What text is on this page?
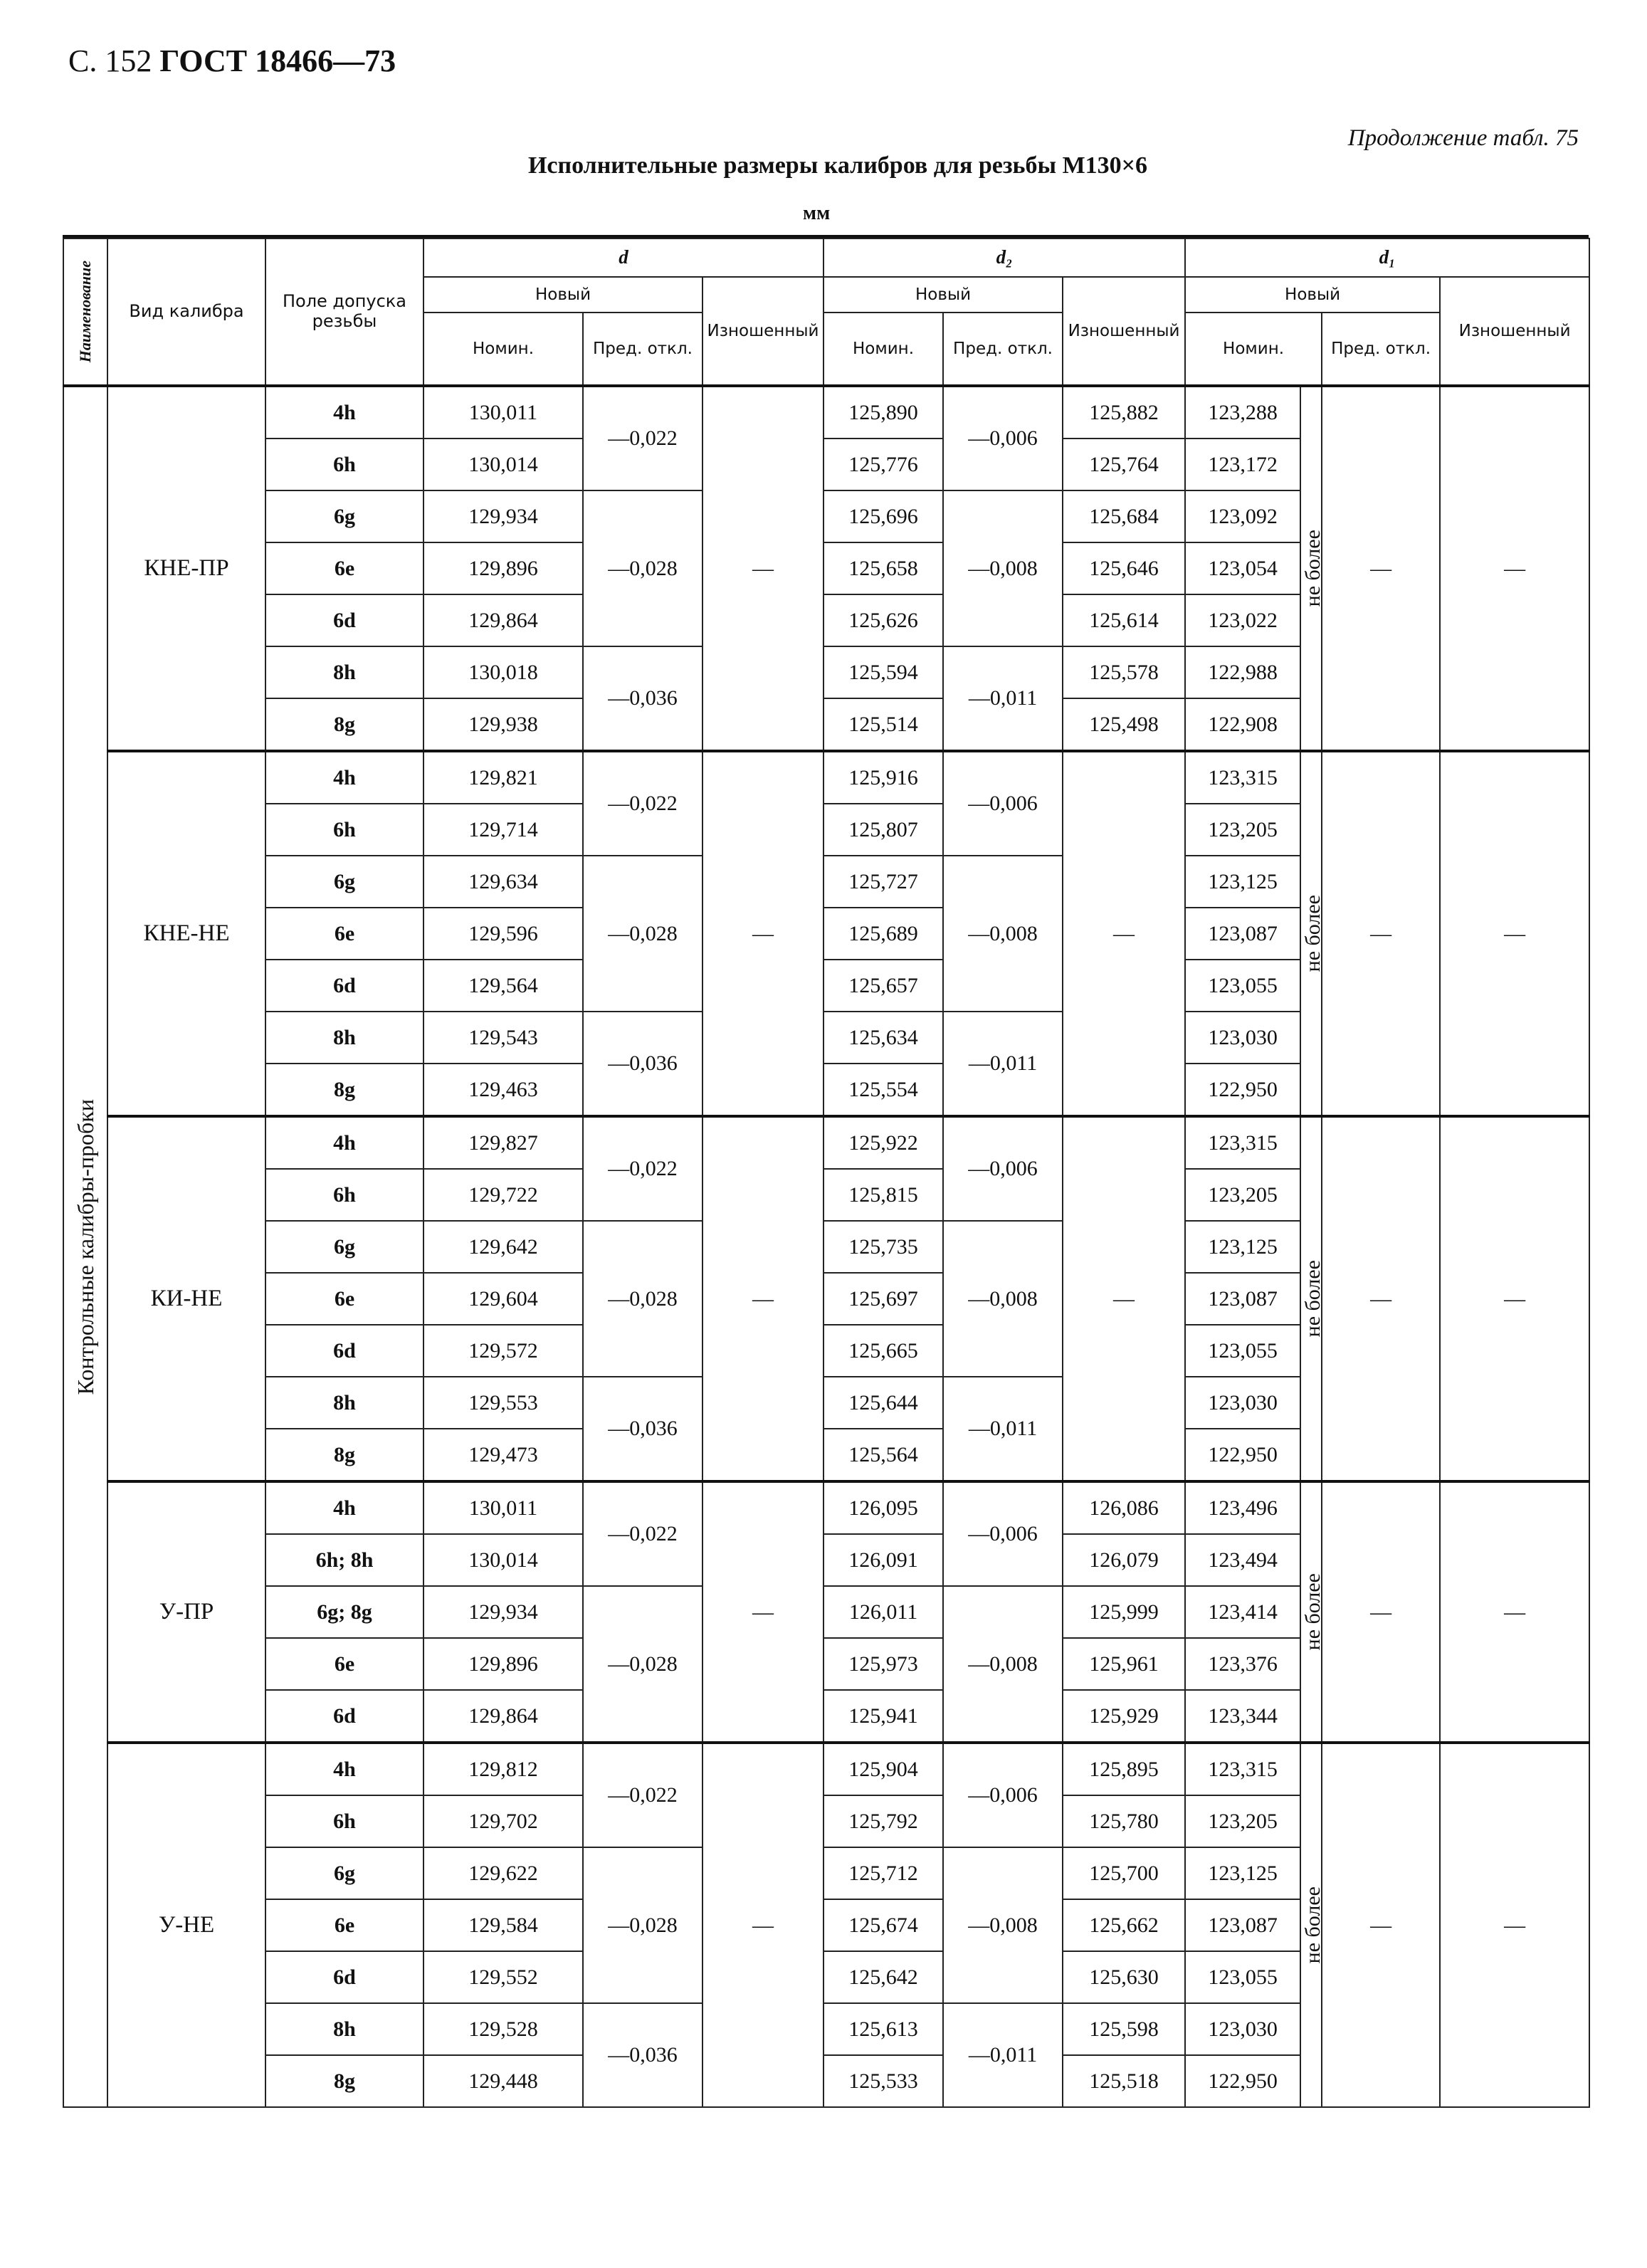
С. 152 ГОСТ 18466—73
Продолжение табл. 75
Исполнительные размеры калибров для резьбы М130×6
мм
Наименование	Вид калибра	Поле допуска резьбы	d			d₂			d₁			
			Новый		Изношенный	Новый		Изношенный	Новый			Изношенный
			Номин.	Пред. откл.		Номин.	Пред. откл.		Номин.		Пред. откл.	

Контрольные калибры-пробки	КНЕ-ПР	4h	130,011	—0,022	—	125,890	—0,006	125,882	123,288	не более	—	—
		6h	130,014			125,776		125,764	123,172			
		6g	129,934	—0,028		125,696	—0,008	125,684	123,092			
		6e	129,896			125,658		125,646	123,054			
		6d	129,864			125,626		125,614	123,022			
		8h	130,018	—0,036		125,594	—0,011	125,578	122,988			
		8g	129,938			125,514		125,498	122,908			
	КНЕ-НЕ	4h	129,821	—0,022	—	125,916	—0,006	—	123,315	не более	—	—
		6h	129,714			125,807			123,205			
		6g	129,634	—0,028		125,727	—0,008		123,125			
		6e	129,596			125,689			123,087			
		6d	129,564			125,657			123,055			
		8h	129,543	—0,036		125,634	—0,011		123,030			
		8g	129,463			125,554			122,950			
	КИ-НЕ	4h	129,827	—0,022	—	125,922	—0,006	—	123,315	не более	—	—
		6h	129,722			125,815			123,205			
		6g	129,642	—0,028		125,735	—0,008		123,125			
		6e	129,604			125,697			123,087			
		6d	129,572			125,665			123,055			
		8h	129,553	—0,036		125,644	—0,011		123,030			
		8g	129,473			125,564			122,950			
	У-ПР	4h	130,011	—0,022	—	126,095	—0,006	126,086	123,496	не более	—	—
		6h; 8h	130,014			126,091		126,079	123,494			
		6g; 8g	129,934	—0,028		126,011	—0,008	125,999	123,414			
		6e	129,896			125,973		125,961	123,376			
		6d	129,864			125,941		125,929	123,344			
	У-НЕ	4h	129,812	—0,022	—	125,904	—0,006	125,895	123,315	не более	—	—
		6h	129,702			125,792		125,780	123,205			
		6g	129,622	—0,028		125,712	—0,008	125,700	123,125			
		6e	129,584			125,674		125,662	123,087			
		6d	129,552			125,642		125,630	123,055			
		8h	129,528	—0,036		125,613	—0,011	125,598	123,030			
		8g	129,448			125,533		125,518	122,950			
